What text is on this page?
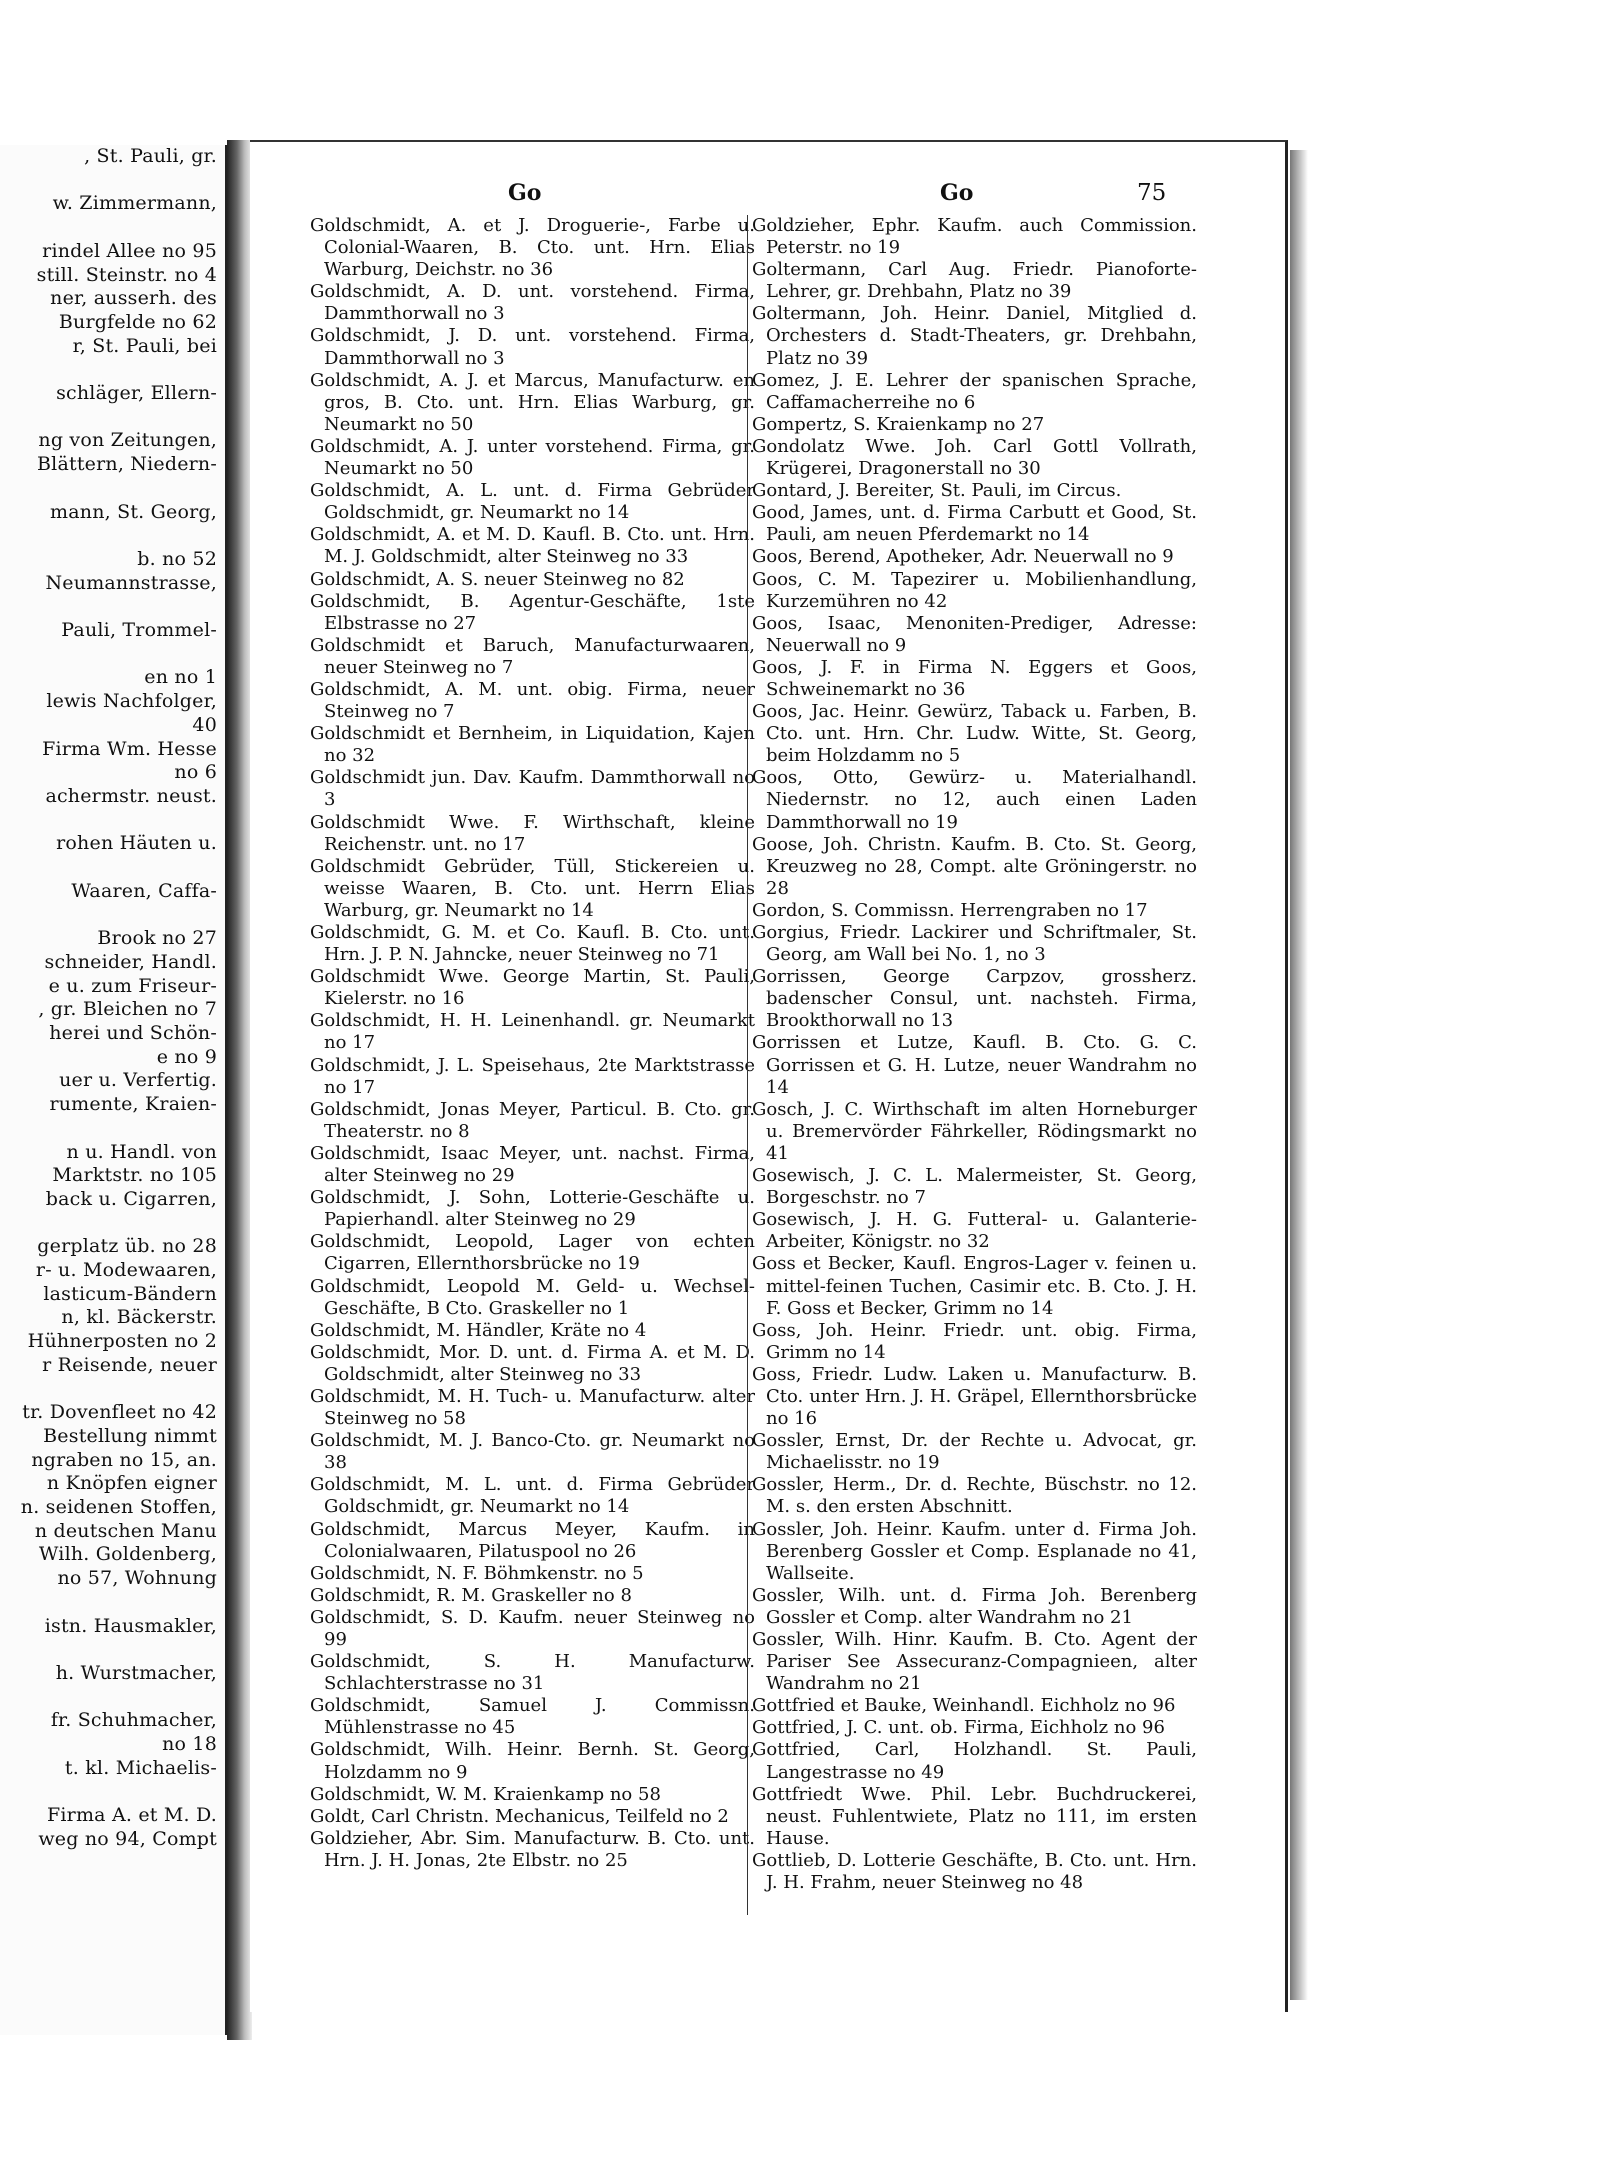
, St. Pauli, gr.

w. Zimmermann,

rindel Allee no 95
still. Steinstr. no 4
ner, ausserh. des
Burgfelde no 62
r, St. Pauli, bei

schläger, Ellern-

ng von Zeitungen,
Blättern, Niedern-

mann, St. Georg,

b. no 52
Neumannstrasse,

Pauli, Trommel-

en no 1
lewis Nachfolger,
40
Firma Wm. Hesse
no 6
achermstr. neust.

rohen Häuten u.

Waaren, Caffa-

Brook no 27
schneider, Handl.
e u. zum Friseur-
, gr. Bleichen no 7
herei und Schön-
e no 9
uer u. Verfertig.
rumente, Kraien-

n u. Handl. von
Marktstr. no 105
back u. Cigarren,

gerplatz üb. no 28
r- u. Modewaaren,
lasticum-Bändern
n, kl. Bäckerstr.
Hühnerposten no 2
r Reisende, neuer

tr. Dovenfleet no 42
Bestellung nimmt
ngraben no 15, an.
n Knöpfen eigner
n. seidenen Stoffen,
n deutschen Manu
Wilh. Goldenberg,
no 57, Wohnung

istn. Hausmakler,

h. Wurstmacher,

fr. Schuhmacher,
no 18
t. kl. Michaelis-

Firma A. et M. D.
weg no 94, Compt
Go	Go	75
Goldschmidt, A. et J. Droguerie-, Farbe u. Colonial-Waaren, B. Cto. unt. Hrn. Elias Warburg, Deichstr. no 36
Goldschmidt, A. D. unt. vorstehend. Firma, Dammthorwall no 3
Goldschmidt, J. D. unt. vorstehend. Firma, Dammthorwall no 3
Goldschmidt, A. J. et Marcus, Manufacturw. en gros, B. Cto. unt. Hrn. Elias Warburg, gr. Neumarkt no 50
Goldschmidt, A. J. unter vorstehend. Firma, gr. Neumarkt no 50
Goldschmidt, A. L. unt. d. Firma Gebrüder Goldschmidt, gr. Neumarkt no 14
Goldschmidt, A. et M. D. Kaufl. B. Cto. unt. Hrn. M. J. Goldschmidt, alter Steinweg no 33
Goldschmidt, A. S. neuer Steinweg no 82
Goldschmidt, B. Agentur-Geschäfte, 1ste Elbstrasse no 27
Goldschmidt et Baruch, Manufacturwaaren, neuer Steinweg no 7
Goldschmidt, A. M. unt. obig. Firma, neuer Steinweg no 7
Goldschmidt et Bernheim, in Liquidation, Kajen no 32
Goldschmidt jun. Dav. Kaufm. Dammthorwall no 3
Goldschmidt Wwe. F. Wirthschaft, kleine Reichenstr. unt. no 17
Goldschmidt Gebrüder, Tüll, Stickereien u. weisse Waaren, B. Cto. unt. Herrn Elias Warburg, gr. Neumarkt no 14
Goldschmidt, G. M. et Co. Kaufl. B. Cto. unt. Hrn. J. P. N. Jahncke, neuer Steinweg no 71
Goldschmidt Wwe. George Martin, St. Pauli, Kielerstr. no 16
Goldschmidt, H. H. Leinenhandl. gr. Neumarkt no 17
Goldschmidt, J. L. Speisehaus, 2te Marktstrasse no 17
Goldschmidt, Jonas Meyer, Particul. B. Cto. gr. Theaterstr. no 8
Goldschmidt, Isaac Meyer, unt. nachst. Firma, alter Steinweg no 29
Goldschmidt, J. Sohn, Lotterie-Geschäfte u. Papierhandl. alter Steinweg no 29
Goldschmidt, Leopold, Lager von echten Cigarren, Ellernthorsbrücke no 19
Goldschmidt, Leopold M. Geld- u. Wechsel-Geschäfte, B Cto. Graskeller no 1
Goldschmidt, M. Händler, Kräte no 4
Goldschmidt, Mor. D. unt. d. Firma A. et M. D. Goldschmidt, alter Steinweg no 33
Goldschmidt, M. H. Tuch- u. Manufacturw. alter Steinweg no 58
Goldschmidt, M. J. Banco-Cto. gr. Neumarkt no 38
Goldschmidt, M. L. unt. d. Firma Gebrüder Goldschmidt, gr. Neumarkt no 14
Goldschmidt, Marcus Meyer, Kaufm. in Colonialwaaren, Pilatuspool no 26
Goldschmidt, N. F. Böhmkenstr. no 5
Goldschmidt, R. M. Graskeller no 8
Goldschmidt, S. D. Kaufm. neuer Steinweg no 99
Goldschmidt, S. H. Manufacturw. Schlachterstrasse no 31
Goldschmidt, Samuel J. Commissn. Mühlenstrasse no 45
Goldschmidt, Wilh. Heinr. Bernh. St. Georg, Holzdamm no 9
Goldschmidt, W. M. Kraienkamp no 58
Goldt, Carl Christn. Mechanicus, Teilfeld no 2
Goldzieher, Abr. Sim. Manufacturw. B. Cto. unt. Hrn. J. H. Jonas, 2te Elbstr. no 25
Goldzieher, Ephr. Kaufm. auch Commission. Peterstr. no 19
Goltermann, Carl Aug. Friedr. Pianoforte-Lehrer, gr. Drehbahn, Platz no 39
Goltermann, Joh. Heinr. Daniel, Mitglied d. Orchesters d. Stadt-Theaters, gr. Drehbahn, Platz no 39
Gomez, J. E. Lehrer der spanischen Sprache, Caffamacherreihe no 6
Gompertz, S. Kraienkamp no 27
Gondolatz Wwe. Joh. Carl Gottl Vollrath, Krügerei, Dragonerstall no 30
Gontard, J. Bereiter, St. Pauli, im Circus.
Good, James, unt. d. Firma Carbutt et Good, St. Pauli, am neuen Pferdemarkt no 14
Goos, Berend, Apotheker, Adr. Neuerwall no 9
Goos, C. M. Tapezirer u. Mobilienhandlung, Kurzemühren no 42
Goos, Isaac, Menoniten-Prediger, Adresse: Neuerwall no 9
Goos, J. F. in Firma N. Eggers et Goos, Schweinemarkt no 36
Goos, Jac. Heinr. Gewürz, Taback u. Farben, B. Cto. unt. Hrn. Chr. Ludw. Witte, St. Georg, beim Holzdamm no 5
Goos, Otto, Gewürz- u. Materialhandl. Niedernstr. no 12, auch einen Laden Dammthorwall no 19
Goose, Joh. Christn. Kaufm. B. Cto. St. Georg, Kreuzweg no 28, Compt. alte Gröningerstr. no 28
Gordon, S. Commissn. Herrengraben no 17
Gorgius, Friedr. Lackirer und Schriftmaler, St. Georg, am Wall bei No. 1, no 3
Gorrissen, George Carpzov, grossherz. badenscher Consul, unt. nachsteh. Firma, Brookthorwall no 13
Gorrissen et Lutze, Kaufl. B. Cto. G. C. Gorrissen et G. H. Lutze, neuer Wandrahm no 14
Gosch, J. C. Wirthschaft im alten Horneburger u. Bremervörder Fährkeller, Rödingsmarkt no 41
Gosewisch, J. C. L. Malermeister, St. Georg, Borgeschstr. no 7
Gosewisch, J. H. G. Futteral- u. Galanterie-Arbeiter, Königstr. no 32
Goss et Becker, Kaufl. Engros-Lager v. feinen u. mittel-feinen Tuchen, Casimir etc. B. Cto. J. H. F. Goss et Becker, Grimm no 14
Goss, Joh. Heinr. Friedr. unt. obig. Firma, Grimm no 14
Goss, Friedr. Ludw. Laken u. Manufacturw. B. Cto. unter Hrn. J. H. Gräpel, Ellernthorsbrücke no 16
Gossler, Ernst, Dr. der Rechte u. Advocat, gr. Michaelisstr. no 19
Gossler, Herm., Dr. d. Rechte, Büschstr. no 12. M. s. den ersten Abschnitt.
Gossler, Joh. Heinr. Kaufm. unter d. Firma Joh. Berenberg Gossler et Comp. Esplanade no 41, Wallseite.
Gossler, Wilh. unt. d. Firma Joh. Berenberg Gossler et Comp. alter Wandrahm no 21
Gossler, Wilh. Hinr. Kaufm. B. Cto. Agent der Pariser See Assecuranz-Compagnieen, alter Wandrahm no 21
Gottfried et Bauke, Weinhandl. Eichholz no 96
Gottfried, J. C. unt. ob. Firma, Eichholz no 96
Gottfried, Carl, Holzhandl. St. Pauli, Langestrasse no 49
Gottfriedt Wwe. Phil. Lebr. Buchdruckerei, neust. Fuhlentwiete, Platz no 111, im ersten Hause.
Gottlieb, D. Lotterie Geschäfte, B. Cto. unt. Hrn. J. H. Frahm, neuer Steinweg no 48
